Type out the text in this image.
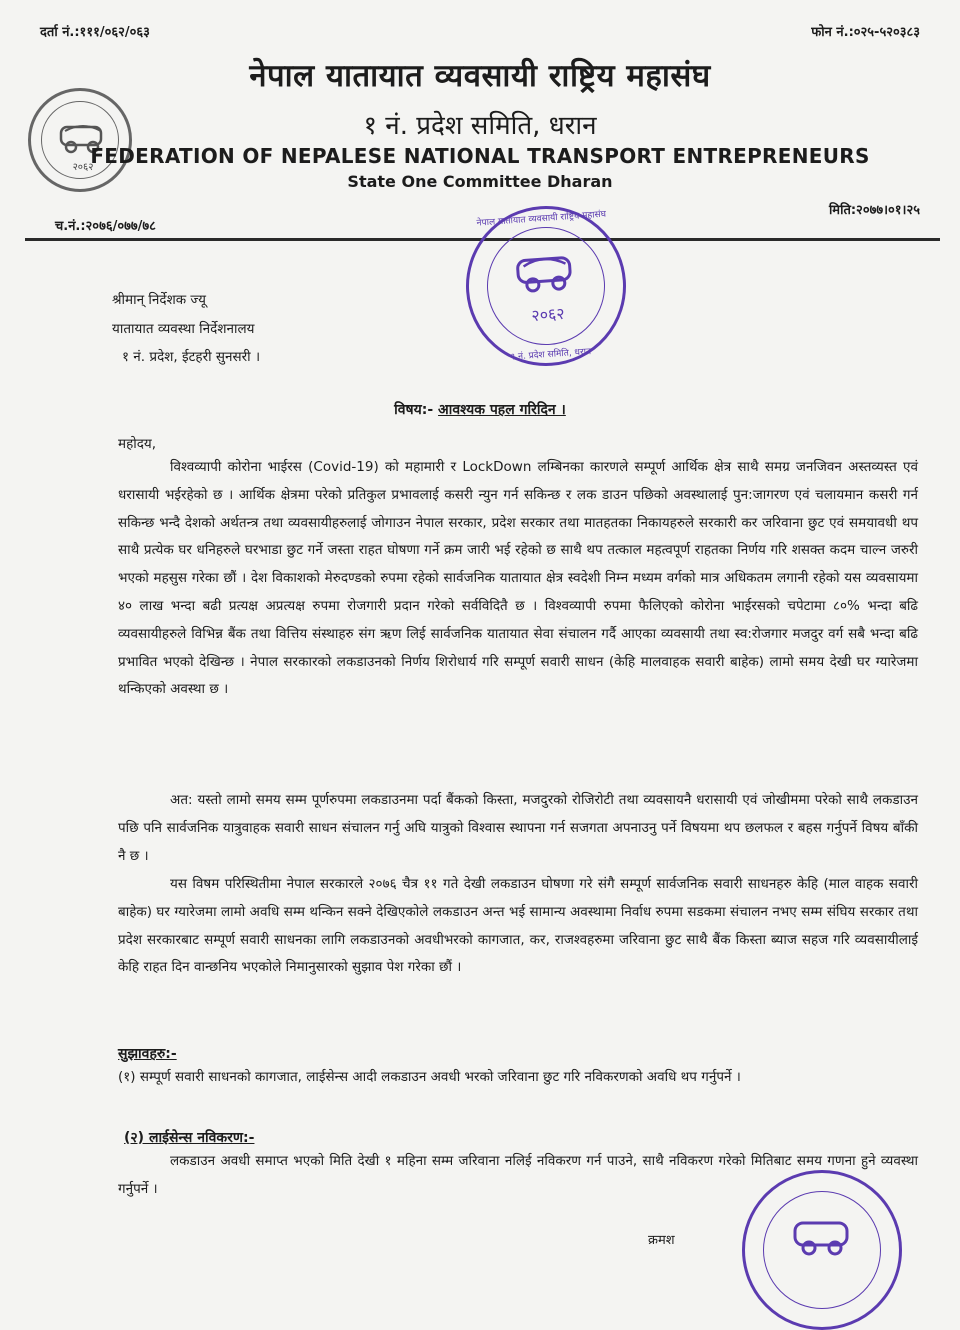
दर्ता नं.:१११/०६२/०६३	फोन नं.:०२५-५२०३८३
२०६२
नेपाल यातायात व्यवसायी राष्ट्रिय महासंघ
१ नं. प्रदेश समिति, धरान
FEDERATION OF NEPALESE NATIONAL TRANSPORT ENTREPRENEURS
State One Committee Dharan
मिति:२०७७।०१।२५
च.नं.:२०७६/०७७/७८
२०६२
नेपाल यातायात व्यवसायी राष्ट्रिय महासंघ
१ नं. प्रदेश समिति, धरान
श्रीमान् निर्देशक ज्यू
यातायात व्यवस्था निर्देशनालय
१ नं. प्रदेश, ईटहरी सुनसरी ।
विषय:- आवश्यक पहल गरिदिन ।
महोदय,

विश्वव्यापी कोरोना भाईरस (Covid-19) को महामारी र LockDown लम्बिनका कारणले सम्पूर्ण आर्थिक क्षेत्र साथै समग्र जनजिवन अस्तव्यस्त एवं धरासायी भईरहेको छ । आर्थिक क्षेत्रमा परेको प्रतिकुल प्रभावलाई कसरी न्युन गर्न सकिन्छ र लक डाउन पछिको अवस्थालाई पुन:जागरण एवं चलायमान कसरी गर्न सकिन्छ भन्दै देशको अर्थतन्त्र तथा व्यवसायीहरुलाई जोगाउन नेपाल सरकार, प्रदेश सरकार तथा मातहतका निकायहरुले सरकारी कर जरिवाना छुट एवं समयावधी थप साथै प्रत्येक घर धनिहरुले घरभाडा छुट गर्ने जस्ता राहत घोषणा गर्ने क्रम जारी भई रहेको छ साथै थप तत्काल महत्वपूर्ण राहतका निर्णय गरि शसक्त कदम चाल्न जरुरी भएको महसुस गरेका छौं । देश विकाशको मेरुदण्डको रुपमा रहेको सार्वजनिक यातायात क्षेत्र स्वदेशी निम्न मध्यम वर्गको मात्र अधिकतम लगानी रहेको यस व्यवसायमा ४० लाख भन्दा बढी प्रत्यक्ष अप्रत्यक्ष रुपमा रोजगारी प्रदान गरेको सर्वविदितै छ । विश्वव्यापी रुपमा फैलिएको कोरोना भाईरसको चपेटामा ८०% भन्दा बढि व्यवसायीहरुले विभिन्न बैंक तथा वित्तिय संस्थाहरु संग ऋण लिई सार्वजनिक यातायात सेवा संचालन गर्दै आएका व्यवसायी तथा स्व:रोजगार मजदुर वर्ग सबै भन्दा बढि प्रभावित भएको देखिन्छ । नेपाल सरकारको लकडाउनको निर्णय शिरोधार्य गरि सम्पूर्ण सवारी साधन (केहि मालवाहक सवारी बाहेक) लामो समय देखी घर ग्यारेजमा थन्किएको अवस्था छ ।

अत: यस्तो लामो समय सम्म पूर्णरुपमा लकडाउनमा पर्दा बैंकको किस्ता, मजदुरको रोजिरोटी तथा व्यवसायनै धरासायी एवं जोखीममा परेको साथै लकडाउन पछि पनि सार्वजनिक यात्रुवाहक सवारी साधन संचालन गर्नु अघि यात्रुको विश्वास स्थापना गर्न सजगता अपनाउनु पर्ने विषयमा थप छलफल र बहस गर्नुपर्ने विषय बाँकी नै छ ।

यस विषम परिस्थितीमा नेपाल सरकारले २०७६ चैत्र ११ गते देखी लकडाउन घोषणा गरे संगै सम्पूर्ण सार्वजनिक सवारी साधनहरु केहि (माल वाहक सवारी बाहेक) घर ग्यारेजमा लामो अवधि सम्म थन्किन सक्ने देखिएकोले लकडाउन अन्त भई सामान्य अवस्थामा निर्वाध रुपमा सडकमा संचालन नभए सम्म संघिय सरकार तथा प्रदेश सरकारबाट सम्पूर्ण सवारी साधनका लागि लकडाउनको अवधीभरको कागजात, कर, राजश्वहरुमा जरिवाना छुट साथै बैंक किस्ता ब्याज सहज गरि व्यवसायीलाई केहि राहत दिन वान्छनिय भएकोले निमानुसारको सुझाव पेश गरेका छौं ।

सुझावहरु:-

(१) सम्पूर्ण सवारी साधनको कागजात, लाईसेन्स आदी लकडाउन अवधी भरको जरिवाना छुट गरि नविकरणको अवधि थप गर्नुपर्ने ।

(२) लाईसेन्स नविकरण:-

लकडाउन अवधी समाप्त भएको मिति देखी १ महिना सम्म जरिवाना नलिई नविकरण गर्न पाउने, साथै नविकरण गरेको मितिबाट समय गणना हुने व्यवस्था गर्नुपर्ने ।

क्रमश
